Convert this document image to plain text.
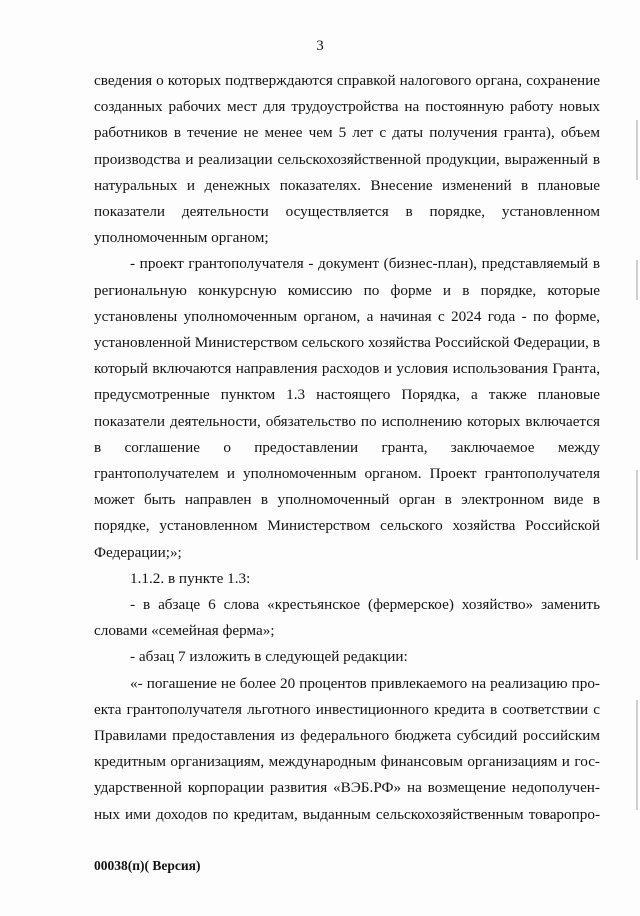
3

сведения о которых подтверждаются справкой налогового органа, сохранение
созданных рабочих мест для трудоустройства на постоянную работу новых
работников в течение не менее чем 5 лет с даты получения гранта), объем
производства и реализации сельскохозяйственной продукции, выраженный в
натуральных и денежных показателях. Внесение изменений в плановые
показатели деятельности осуществляется в порядке, установленном
уполномоченным органом;

- проект грантополучателя - документ (бизнес-план), представляемый в
региональную конкурсную комиссию по форме и в порядке, которые
установлены уполномоченным органом, а начиная с 2024 года - по форме,
установленной Министерством сельского хозяйства Российской Федерации, в
который включаются направления расходов и условия использования Гранта,
предусмотренные пунктом 1.3 настоящего Порядка, а также плановые
показатели деятельности, обязательство по исполнению которых включается
в соглашение о предоставлении гранта, заключаемое между
грантополучателем и уполномоченным органом. Проект грантополучателя
может быть направлен в уполномоченный орган в электронном виде в
порядке, установленном Министерством сельского хозяйства Российской
Федерации;»;

1.1.2. в пункте 1.3:

- в абзаце 6 слова «крестьянское (фермерское) хозяйство» заменить
словами «семейная ферма»;

- абзац 7 изложить в следующей редакции:

«- погашение не более 20 процентов привлекаемого на реализацию про-
екта грантополучателя льготного инвестиционного кредита в соответствии с
Правилами предоставления из федерального бюджета субсидий российским
кредитным организациям, международным финансовым организациям и гос-
ударственной корпорации развития «ВЭБ.РФ» на возмещение недополучен-
ных ими доходов по кредитам, выданным сельскохозяйственным товаропро-

00038(п)( Версия)
